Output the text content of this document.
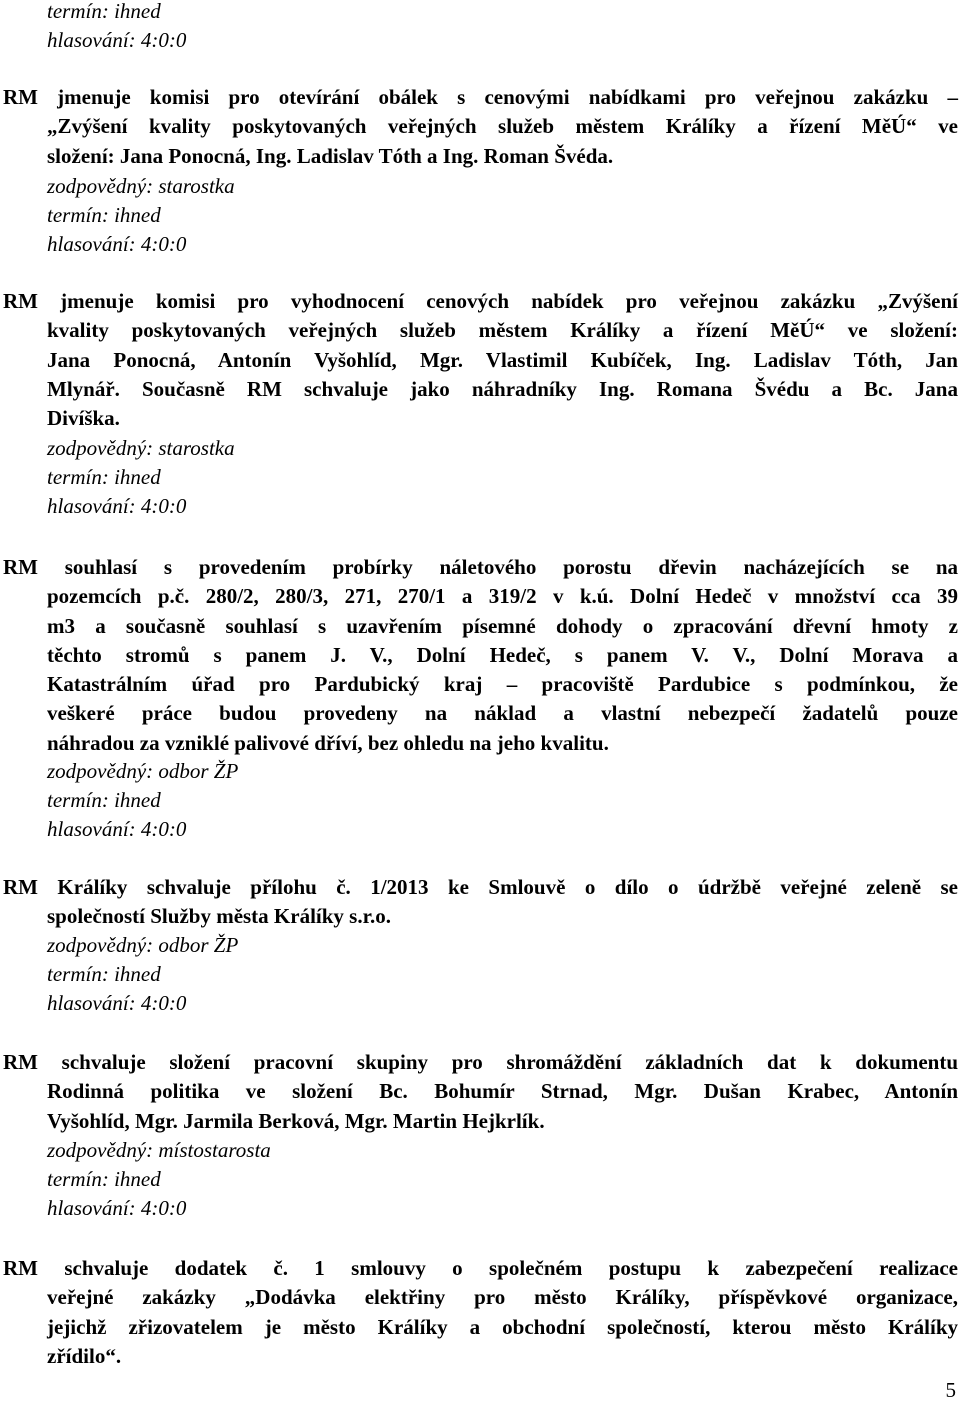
termín: ihned
hlasování: 4:0:0
RM jmenuje komisi pro otevírání obálek s cenovými nabídkami pro veřejnou zakázku –
„Zvýšení kvality poskytovaných veřejných služeb městem Králíky a řízení MěÚ“ ve
složení: Jana Ponocná, Ing. Ladislav Tóth a Ing. Roman Švéda.
zodpovědný: starostka
termín: ihned
hlasování: 4:0:0
RM jmenuje komisi pro vyhodnocení cenových nabídek pro veřejnou zakázku „Zvýšení
kvality poskytovaných veřejných služeb městem Králíky a řízení MěÚ“ ve složení:
Jana Ponocná, Antonín Vyšohlíd, Mgr. Vlastimil Kubíček, Ing. Ladislav Tóth, Jan
Mlynář. Současně RM schvaluje jako náhradníky Ing. Romana Švédu a Bc. Jana
Divíška.
zodpovědný: starostka
termín: ihned
hlasování: 4:0:0
RM souhlasí s provedením probírky náletového porostu dřevin nacházejících se na
pozemcích p.č. 280/2, 280/3, 271, 270/1 a 319/2 v k.ú. Dolní Hedeč v množství cca 39
m3 a současně souhlasí s uzavřením písemné dohody o zpracování dřevní hmoty z
těchto stromů s panem J. V., Dolní Hedeč, s panem V. V., Dolní Morava a
Katastrálním úřad pro Pardubický kraj – pracoviště Pardubice s podmínkou, že
veškeré práce budou provedeny na náklad a vlastní nebezpečí žadatelů pouze
náhradou za vzniklé palivové dříví, bez ohledu na jeho kvalitu.
zodpovědný: odbor ŽP
termín: ihned
hlasování: 4:0:0
RM Králíky schvaluje přílohu č. 1/2013 ke Smlouvě o dílo o údržbě veřejné zeleně se
společností Služby města Králíky s.r.o.
zodpovědný: odbor ŽP
termín: ihned
hlasování: 4:0:0
RM schvaluje složení pracovní skupiny pro shromáždění základních dat k dokumentu
Rodinná politika ve složení Bc. Bohumír Strnad, Mgr. Dušan Krabec, Antonín
Vyšohlíd, Mgr. Jarmila Berková, Mgr. Martin Hejkrlík.
zodpovědný: místostarosta
termín: ihned
hlasování: 4:0:0
RM schvaluje dodatek č. 1 smlouvy o společném postupu k zabezpečení realizace
veřejné zakázky „Dodávka elektřiny pro město Králíky, příspěvkové organizace,
jejichž zřizovatelem je město Králíky a obchodní společností, kterou město Králíky
zřídilo“.
5
